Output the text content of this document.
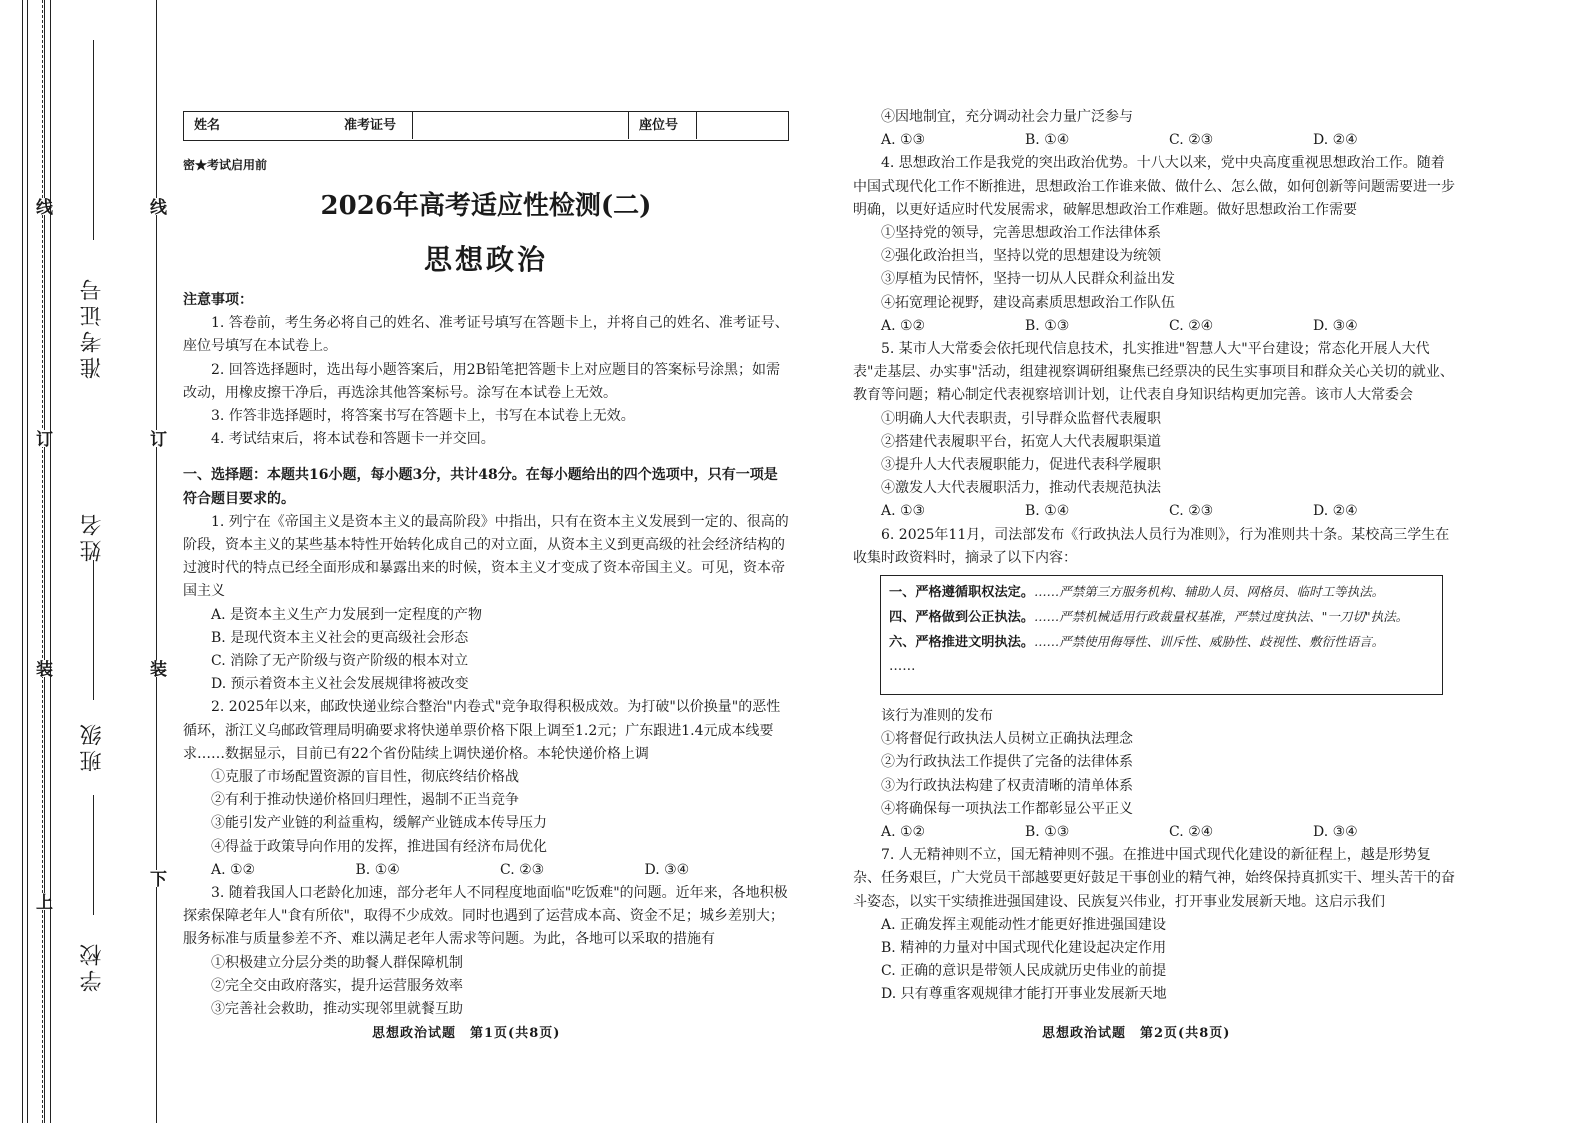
线
订
装
上
线
订
装
下
准考证号
姓名
班级
学校
姓名	准考证号	座位号
密★考试启用前
2026年高考适应性检测(二)
思想政治

注意事项：

1. 答卷前，考生务必将自己的姓名、准考证号填写在答题卡上，并将自己的姓名、准考证号、座位号填写在本试卷上。

2. 回答选择题时，选出每小题答案后，用2B铅笔把答题卡上对应题目的答案标号涂黑；如需改动，用橡皮擦干净后，再选涂其他答案标号。涂写在本试卷上无效。

3. 作答非选择题时，将答案书写在答题卡上，书写在本试卷上无效。

4. 考试结束后，将本试卷和答题卡一并交回。

一、选择题：本题共16小题，每小题3分，共计48分。在每小题给出的四个选项中，只有一项是符合题目要求的。

1. 列宁在《帝国主义是资本主义的最高阶段》中指出，只有在资本主义发展到一定的、很高的阶段，资本主义的某些基本特性开始转化成自己的对立面，从资本主义到更高级的社会经济结构的过渡时代的特点已经全面形成和暴露出来的时候，资本主义才变成了资本帝国主义。可见，资本帝国主义

A. 是资本主义生产力发展到一定程度的产物

B. 是现代资本主义社会的更高级社会形态

C. 消除了无产阶级与资产阶级的根本对立

D. 预示着资本主义社会发展规律将被改变

2. 2025年以来，邮政快递业综合整治"内卷式"竞争取得积极成效。为打破"以价换量"的恶性循环，浙江义乌邮政管理局明确要求将快递单票价格下限上调至1.2元；广东跟进1.4元成本线要求……数据显示，目前已有22个省份陆续上调快递价格。本轮快递价格上调

①克服了市场配置资源的盲目性，彻底终结价格战

②有利于推动快递价格回归理性，遏制不正当竞争

③能引发产业链的利益重构，缓解产业链成本传导压力

④得益于政策导向作用的发挥，推进国有经济布局优化

A. ①②	B. ①④	C. ②③	D. ③④

3. 随着我国人口老龄化加速，部分老年人不同程度地面临"吃饭难"的问题。近年来，各地积极探索保障老年人"食有所依"，取得不少成效。同时也遇到了运营成本高、资金不足；城乡差别大；服务标准与质量参差不齐、难以满足老年人需求等问题。为此，各地可以采取的措施有

①积极建立分层分类的助餐人群保障机制

②完全交由政府落实，提升运营服务效率

③完善社会救助，推动实现邻里就餐互助

思想政治试题　第1页(共8页)

④因地制宜，充分调动社会力量广泛参与

A. ①③	B. ①④	C. ②③	D. ②④

4. 思想政治工作是我党的突出政治优势。十八大以来，党中央高度重视思想政治工作。随着中国式现代化工作不断推进，思想政治工作谁来做、做什么、怎么做，如何创新等问题需要进一步明确，以更好适应时代发展需求，破解思想政治工作难题。做好思想政治工作需要

①坚持党的领导，完善思想政治工作法律体系

②强化政治担当，坚持以党的思想建设为统领

③厚植为民情怀，坚持一切从人民群众利益出发

④拓宽理论视野，建设高素质思想政治工作队伍

A. ①②	B. ①③	C. ②④	D. ③④

5. 某市人大常委会依托现代信息技术，扎实推进"智慧人大"平台建设；常态化开展人大代表"走基层、办实事"活动，组建视察调研组聚焦已经票决的民生实事项目和群众关心关切的就业、教育等问题；精心制定代表视察培训计划，让代表自身知识结构更加完善。该市人大常委会

①明确人大代表职责，引导群众监督代表履职

②搭建代表履职平台，拓宽人大代表履职渠道

③提升人大代表履职能力，促进代表科学履职

④激发人大代表履职活力，推动代表规范执法

A. ①③	B. ①④	C. ②③	D. ②④

6. 2025年11月，司法部发布《行政执法人员行为准则》，行为准则共十条。某校高三学生在收集时政资料时，摘录了以下内容：

一、严格遵循职权法定。……严禁第三方服务机构、辅助人员、网格员、临时工等执法。
四、严格做到公正执法。……严禁机械适用行政裁量权基准，严禁过度执法、"一刀切"执法。
六、严格推进文明执法。……严禁使用侮辱性、训斥性、威胁性、歧视性、敷衍性语言。
……

该行为准则的发布

①将督促行政执法人员树立正确执法理念

②为行政执法工作提供了完备的法律体系

③为行政执法构建了权责清晰的清单体系

④将确保每一项执法工作都彰显公平正义

A. ①②	B. ①③	C. ②④	D. ③④

7. 人无精神则不立，国无精神则不强。在推进中国式现代化建设的新征程上，越是形势复杂、任务艰巨，广大党员干部越要更好鼓足干事创业的精气神，始终保持真抓实干、埋头苦干的奋斗姿态，以实干实绩推进强国建设、民族复兴伟业，打开事业发展新天地。这启示我们

A. 正确发挥主观能动性才能更好推进强国建设

B. 精神的力量对中国式现代化建设起决定作用

C. 正确的意识是带领人民成就历史伟业的前提

D. 只有尊重客观规律才能打开事业发展新天地

思想政治试题　第2页(共8页)
